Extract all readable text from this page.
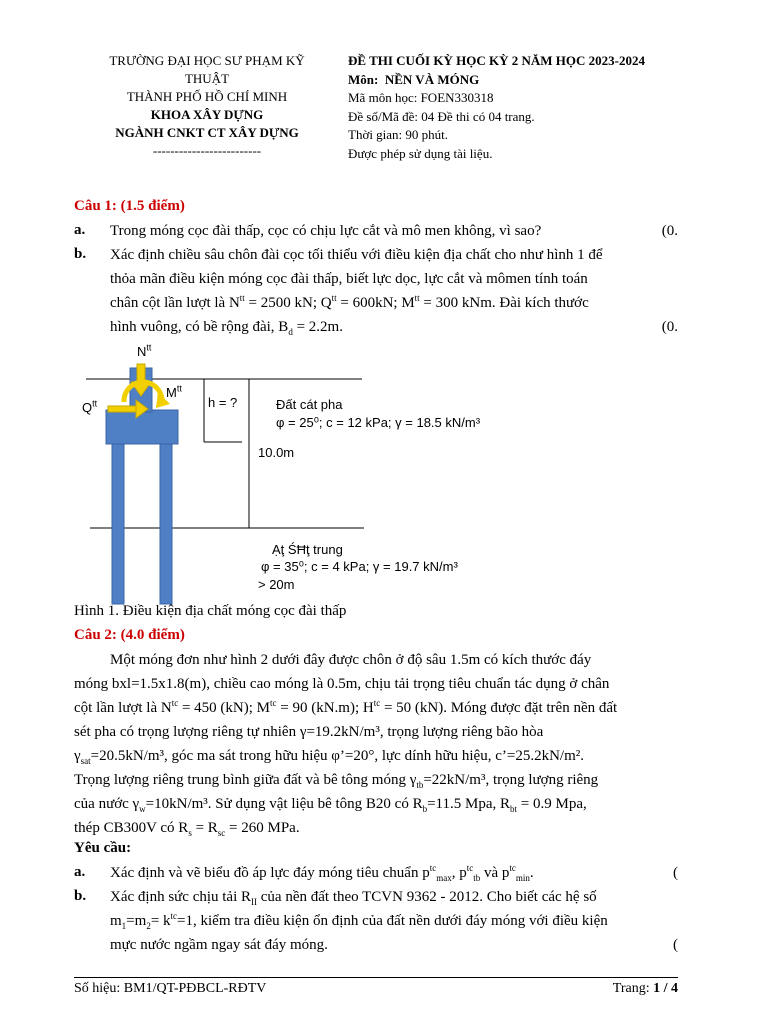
TRƯỜNG ĐẠI HỌC SƯ PHẠM KỸ THUẬT
THÀNH PHỐ HỒ CHÍ MINH
KHOA XÂY DỰNG
NGÀNH CNKT CT XÂY DỰNG
-------------------------
ĐỀ THI CUỐI KỲ HỌC KỲ 2 NĂM HỌC 2023-2024
Môn: NỀN VÀ MÓNG
Mã môn học: FOEN330318
Đề số/Mã đề: 04 Đề thi có 04 trang.
Thời gian: 90 phút.
Được phép sử dụng tài liệu.
Câu 1: (1.5 điểm)
a. Trong móng cọc đài thấp, cọc có chịu lực cắt và mô men không, vì sao?	(0.
b. Xác định chiều sâu chôn đài cọc tối thiểu với điều kiện địa chất cho như hình 1 để
thỏa mãn điều kiện móng cọc đài thấp, biết lực dọc, lực cắt và mômen tính toán
chân cột lần lượt là $N^{tt} = 2500$ kN; $Q^{tt} = 600kN$; $M^{tt} = 300$ kNm. Đài kích thước
hình vuông, có bề rộng đài, $B_d = 2.2m$.	(0.
$N^{tt}$
$M^{tt}$
$Q^{tt}$	h = ?	Đất cát pha
φ = 25⁰; c = 12 kPa; γ = 18.5 kN/m³
10.0m
Ạţ ŚĦţ trung
φ = 35⁰; c = 4 kPa; γ = 19.7 kN/m³
> 20m
Hình 1. Điều kiện địa chất móng cọc đài thấp
Câu 2: (4.0 điểm)
Một móng đơn như hình 2 dưới đây được chôn ở độ sâu 1.5m có kích thước đáy
móng bxl=1.5x1.8(m), chiều cao móng là 0.5m, chịu tải trọng tiêu chuẩn tác dụng ở chân
cột lần lượt là $N^{tc} = 450$ (kN); $M^{tc} = 90$ (kN.m); $H^{tc} = 50$ (kN). Móng được đặt trên nền đất
sét pha có trọng lượng riêng tự nhiên γ=19.2kN/m³, trọng lượng riêng bão hòa
$\gamma_{sat}=20.5kN/m^3$, góc ma sát trong hữu hiệu φ’=20°, lực dính hữu hiệu, c’=25.2kN/m².
Trọng lượng riêng trung bình giữa đất và bê tông móng $\gamma_{tb}=22kN/m^3$, trọng lượng riêng
của nước $\gamma_w=10kN/m^3$. Sử dụng vật liệu bê tông B20 có $R_b=11.5$ Mpa, $R_{bt} = 0.9$ Mpa,
thép CB300V có $R_s = R_{sc} = 260$ MPa.
Yêu cầu:
a. Xác định và vẽ biểu đồ áp lực đáy móng tiêu chuẩn $p^{tc}_{max}$, $p^{tc}_{tb}$ và $p^{tc}_{min}$.	(
b. Xác định sức chịu tải $R_{II}$ của nền đất theo TCVN 9362 - 2012. Cho biết các hệ số
$m_1=m_2= k^{tc}=1$, kiểm tra điều kiện ổn định của đất nền dưới đáy móng với điều kiện
mực nước ngầm ngay sát đáy móng.	(
Số hiệu: BM1/QT-PĐBCL-RĐTV	Trang: 1 / 4
